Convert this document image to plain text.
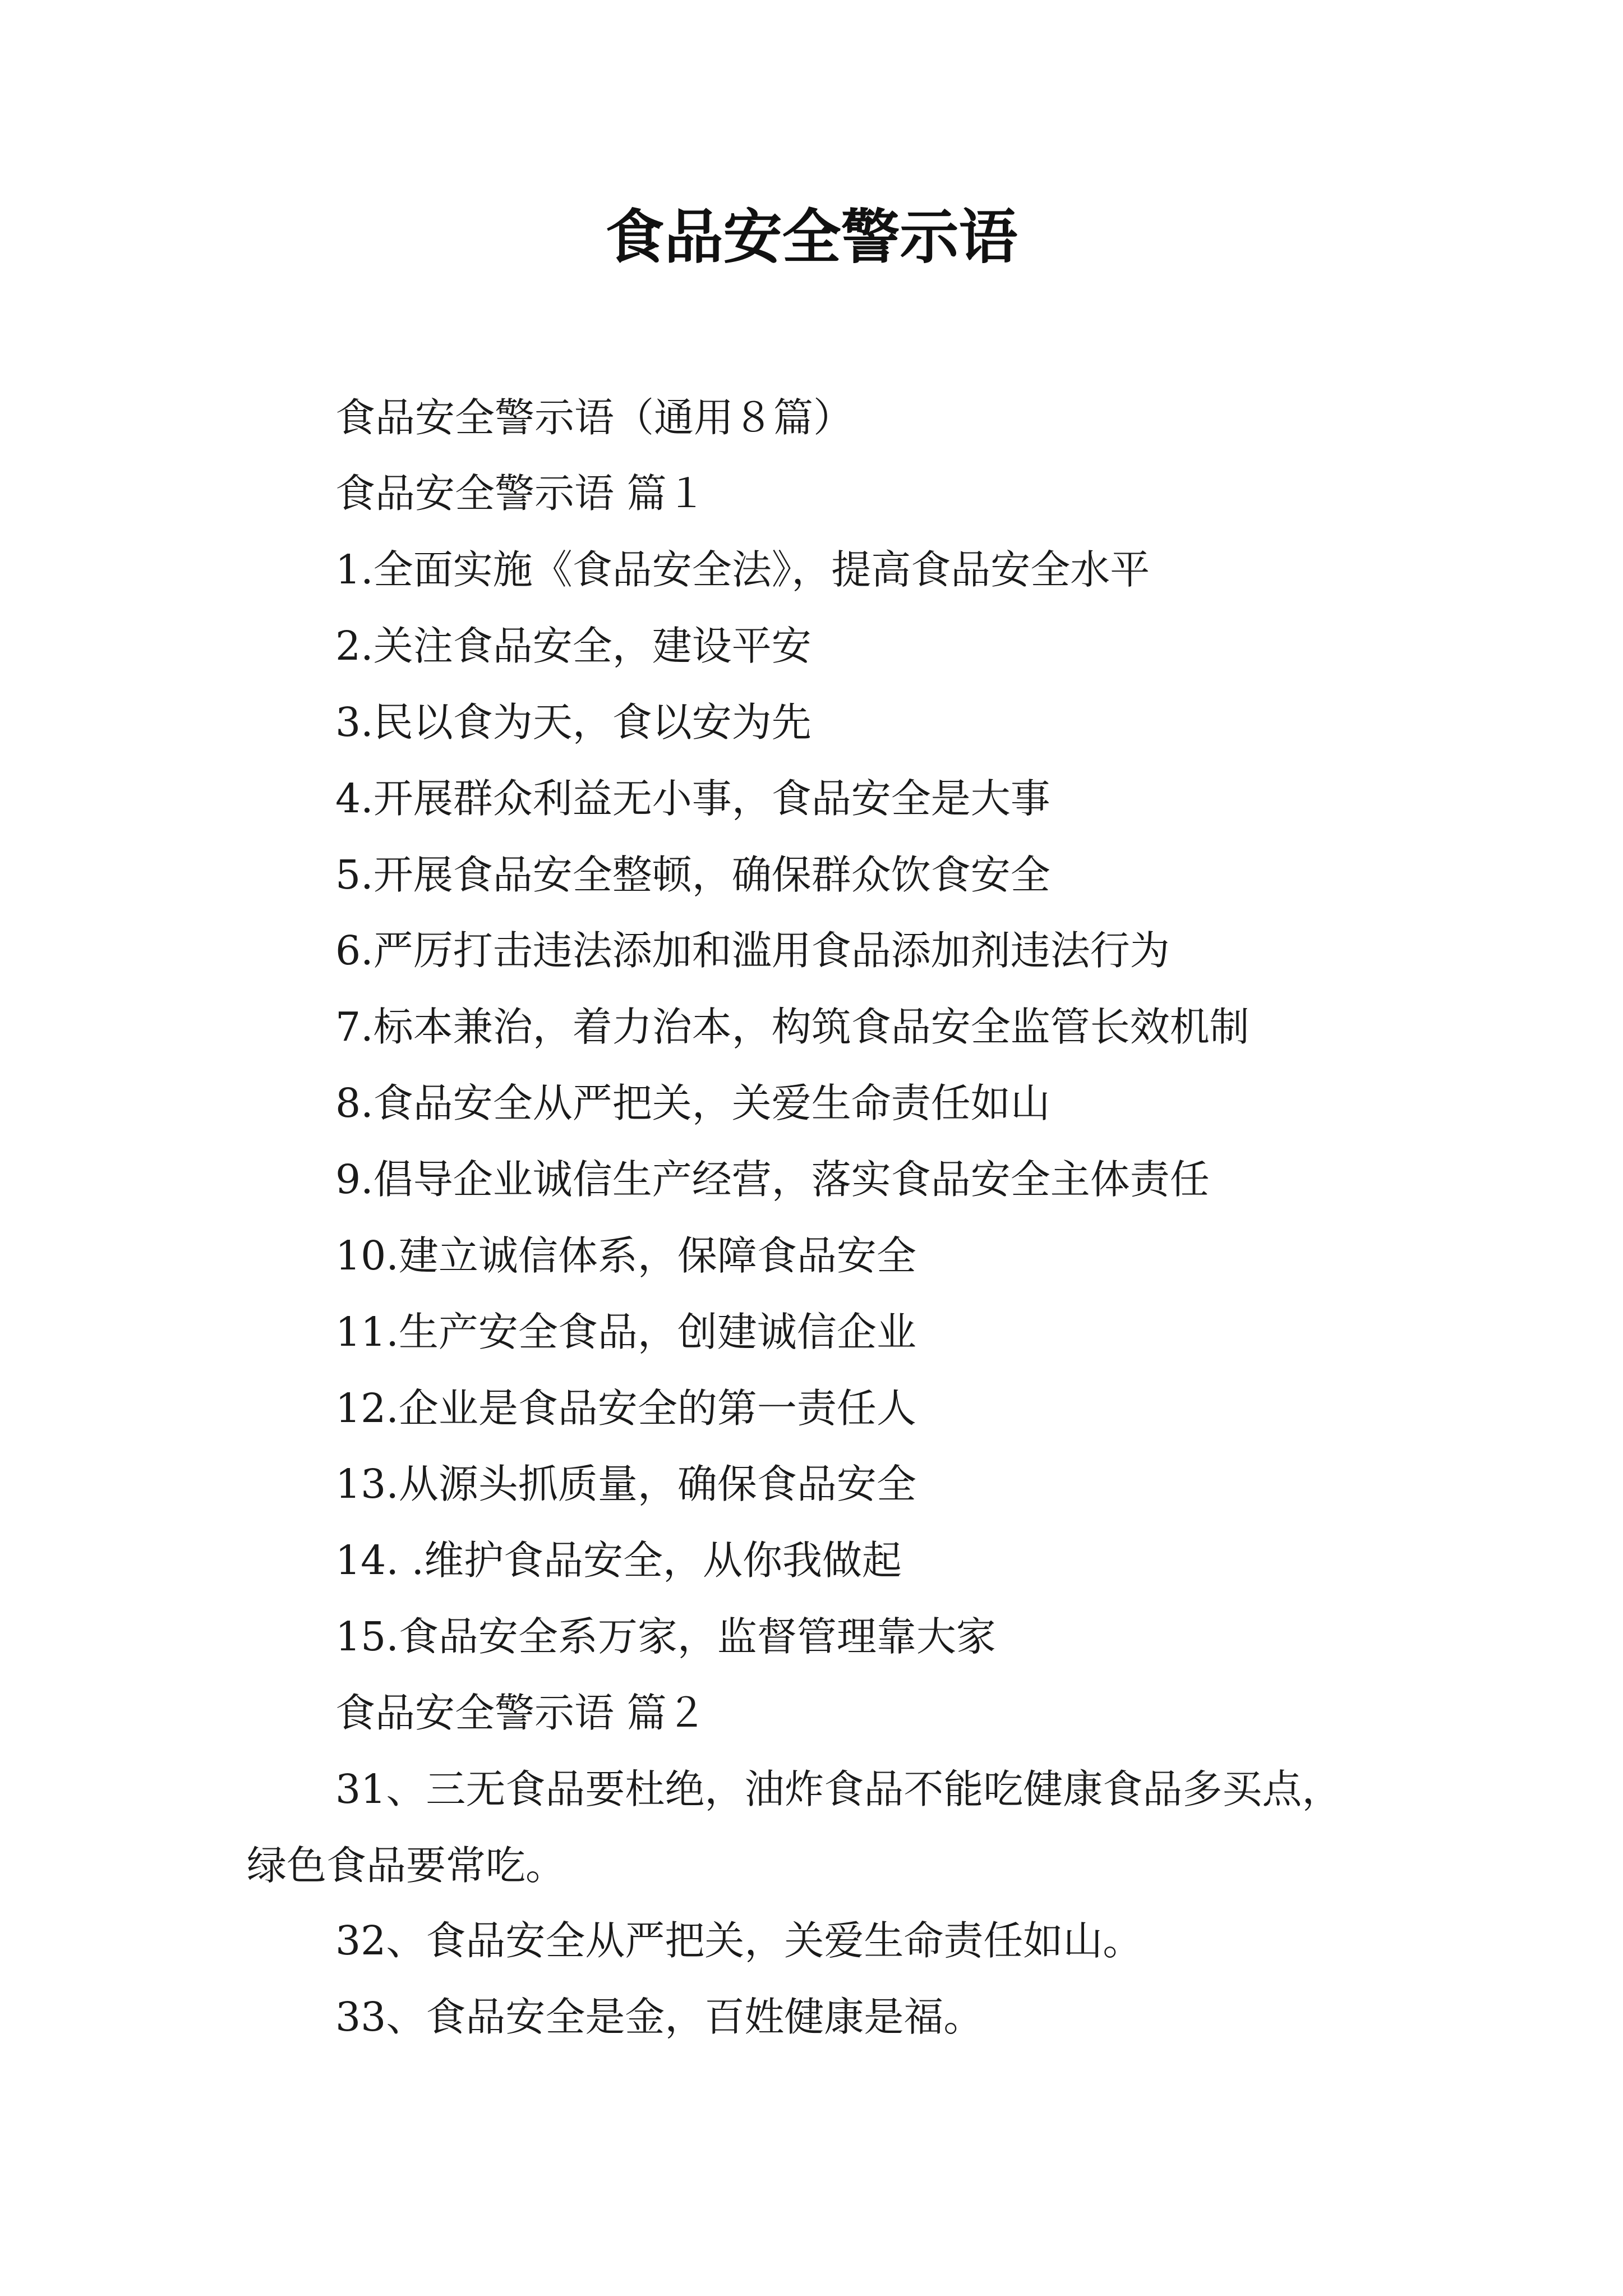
食品安全警示语
食品安全警示语（通用８篇）
食品安全警示语 篇１
1.全面实施《食品安全法》，提高食品安全水平
2.关注食品安全，建设平安
3.民以食为天，食以安为先
4.开展群众利益无小事，食品安全是大事
5.开展食品安全整顿，确保群众饮食安全
6.严厉打击违法添加和滥用食品添加剂违法行为
7.标本兼治，着力治本，构筑食品安全监管长效机制
8.食品安全从严把关，关爱生命责任如山
9.倡导企业诚信生产经营，落实食品安全主体责任
10.建立诚信体系，保障食品安全
11.生产安全食品，创建诚信企业
12.企业是食品安全的第一责任人
13.从源头抓质量，确保食品安全
14. .维护食品安全，从你我做起
15.食品安全系万家，监督管理靠大家
食品安全警示语 篇２
31、三无食品要杜绝，油炸食品不能吃健康食品多买点，
绿色食品要常吃。
32、食品安全从严把关，关爱生命责任如山。
33、食品安全是金，百姓健康是福。
